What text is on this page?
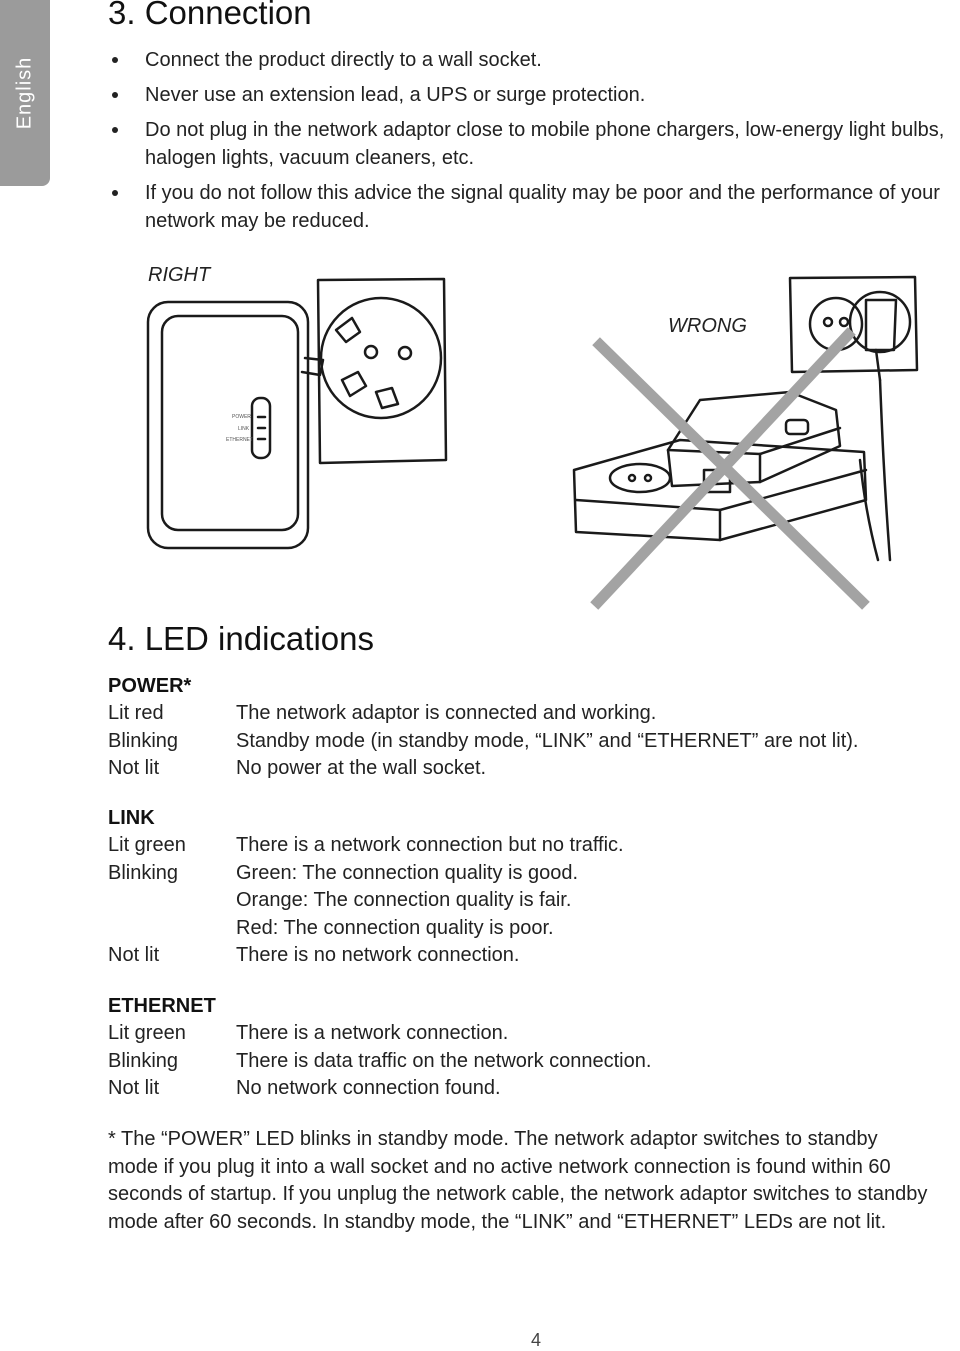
English
3. Connection
Connect the product directly to a wall socket.
Never use an extension lead, a UPS or surge protection.
Do not plug in the network adaptor close to mobile phone chargers, low-energy light bulbs, halogen lights, vacuum cleaners, etc.
If you do not follow this advice the signal quality may be poor and the performance of your network may be reduced.
RIGHT
WRONG
POWER
LINK
ETHERNET
4. LED indications
POWER*
Lit red	The network adaptor is connected and working.
Blinking	Standby mode (in standby mode, “LINK” and “ETHERNET” are not lit).
Not lit	No power at the wall socket.
LINK
Lit green	There is a network connection but no traffic.
Blinking	Green: The connection quality is good.
Orange: The connection quality is fair.
Red: The connection quality is poor.
Not lit	There is no network connection.
ETHERNET
Lit green	There is a network connection.
Blinking	There is data traffic on the network connection.
Not lit	No network connection found.

* The “POWER” LED blinks in standby mode. The network adaptor switches to standby mode if you plug it into a wall socket and no active network connection is found within 60 seconds of startup. If you unplug the network cable, the network adaptor switches to standby mode after 60 seconds. In standby mode, the “LINK” and “ETHERNET” LEDs are not lit.

4
